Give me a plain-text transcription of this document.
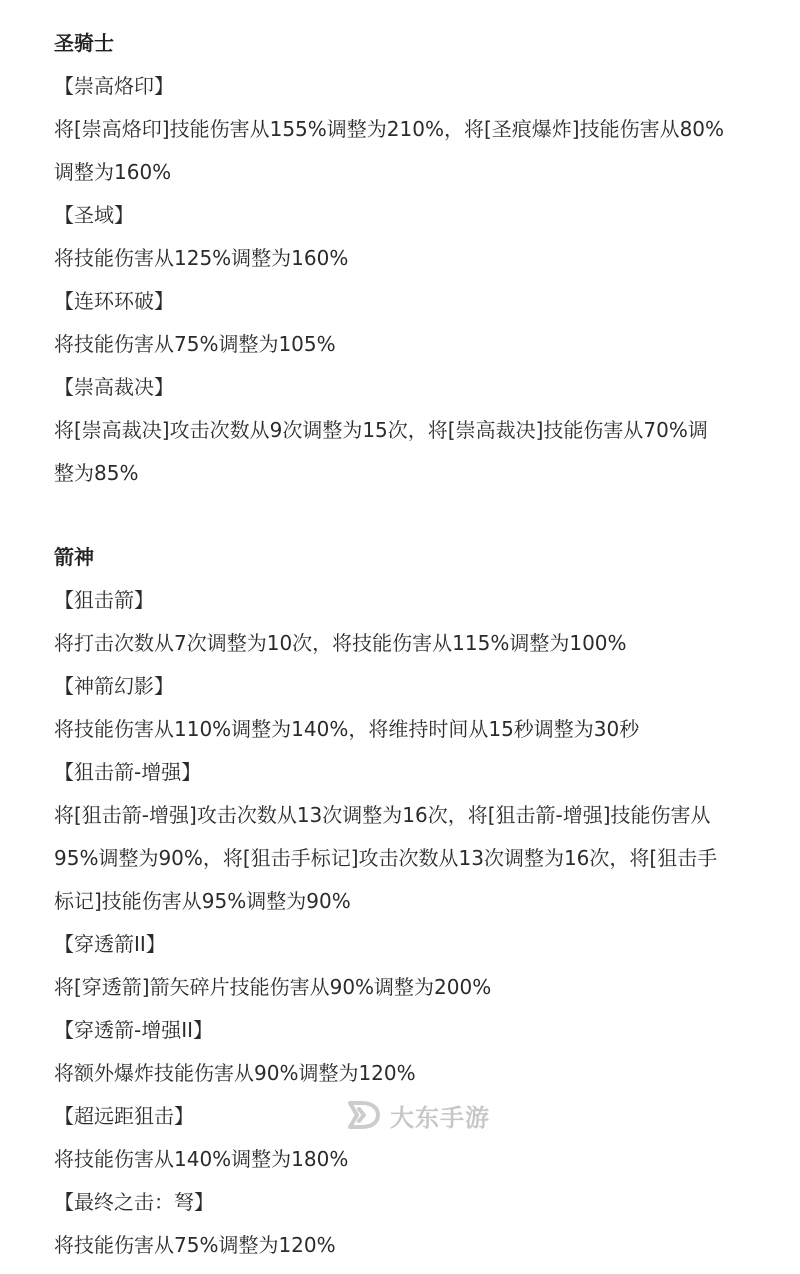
圣骑士
【崇高烙印】
将[崇高烙印]技能伤害从155%调整为210%，将[圣痕爆炸]技能伤害从80%
调整为160%
【圣域】
将技能伤害从125%调整为160%
【连环环破】
将技能伤害从75%调整为105%
【崇高裁决】
将[崇高裁决]攻击次数从9次调整为15次，将[崇高裁决]技能伤害从70%调
整为85%
箭神
【狙击箭】
将打击次数从7次调整为10次，将技能伤害从115%调整为100%
【神箭幻影】
将技能伤害从110%调整为140%，将维持时间从15秒调整为30秒
【狙击箭-增强】
将[狙击箭-增强]攻击次数从13次调整为16次，将[狙击箭-增强]技能伤害从
95%调整为90%，将[狙击手标记]攻击次数从13次调整为16次，将[狙击手
标记]技能伤害从95%调整为90%
【穿透箭II】
将[穿透箭]箭矢碎片技能伤害从90%调整为200%
【穿透箭-增强II】
将额外爆炸技能伤害从90%调整为120%
【超远距狙击】
将技能伤害从140%调整为180%
【最终之击：弩】
将技能伤害从75%调整为120%
大东手游
